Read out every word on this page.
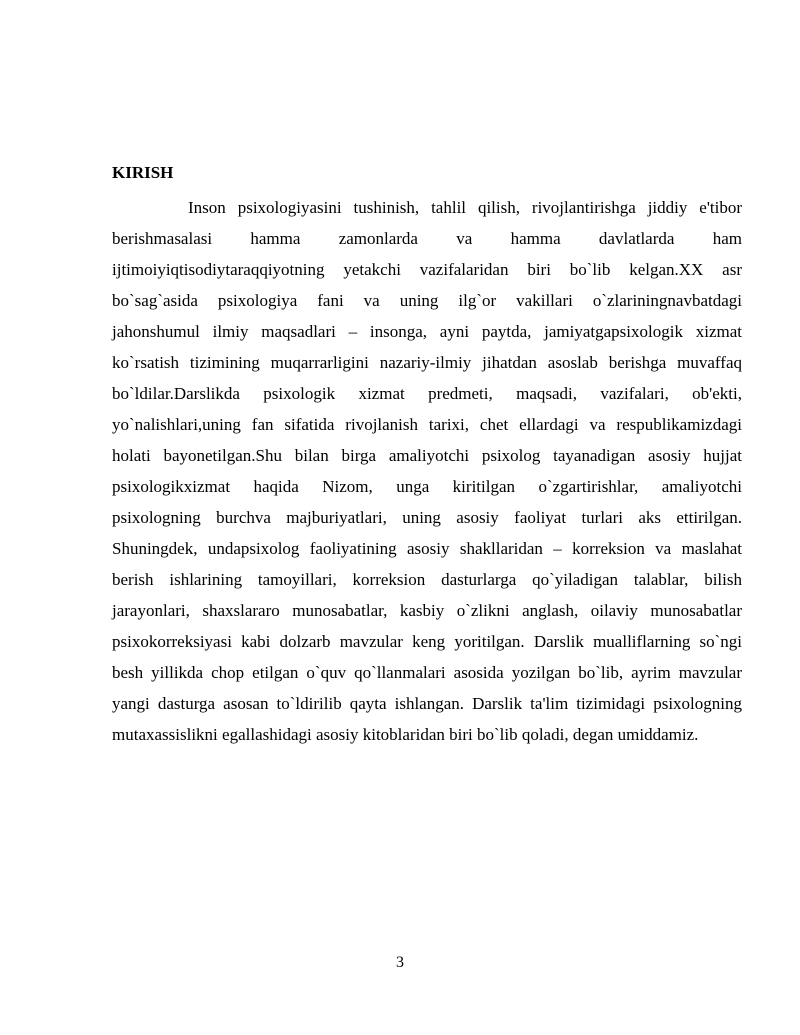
KIRISH
Inson psixologiyasini tushinish, tahlil qilish, rivojlantirishga jiddiy e'tibor
berishmasalasi hamma zamonlarda va hamma davlatlarda ham
ijtimoiyiqtisodiytaraqqiyotning yetakchi vazifalaridan biri bo`lib kelgan.XX asr
bo`sag`asida psixologiya fani va uning ilg`or vakillari o`zlariningnavbatdagi
jahonshumul ilmiy maqsadlari – insonga, ayni paytda, jamiyatgapsixologik xizmat
ko`rsatish tizimining muqarrarligini nazariy-ilmiy jihatdan asoslab berishga muvaffaq
bo`ldilar.Darslikda psixologik xizmat predmeti, maqsadi, vazifalari, ob'ekti,
yo`nalishlari,uning fan sifatida rivojlanish tarixi, chet ellardagi va respublikamizdagi
holati bayonetilgan.Shu bilan birga amaliyotchi psixolog tayanadigan asosiy hujjat
psixologikxizmat haqida Nizom, unga kiritilgan o`zgartirishlar, amaliyotchi
psixologning burchva majburiyatlari, uning asosiy faoliyat turlari aks ettirilgan.
Shuningdek, undapsixolog faoliyatining asosiy shakllaridan – korreksion va maslahat
berish ishlarining tamoyillari, korreksion dasturlarga qo`yiladigan talablar, bilish
jarayonlari, shaxslararo munosabatlar, kasbiy o`zlikni anglash, oilaviy munosabatlar
psixokorreksiyasi kabi dolzarb mavzular keng yoritilgan. Darslik mualliflarning so`ngi
besh yillikda chop etilgan o`quv qo`llanmalari asosida yozilgan bo`lib, ayrim mavzular
yangi dasturga asosan to`ldirilib qayta ishlangan. Darslik ta'lim tizimidagi psixologning
mutaxassislikni egallashidagi asosiy kitoblaridan biri bo`lib qoladi, degan umiddamiz.
3
